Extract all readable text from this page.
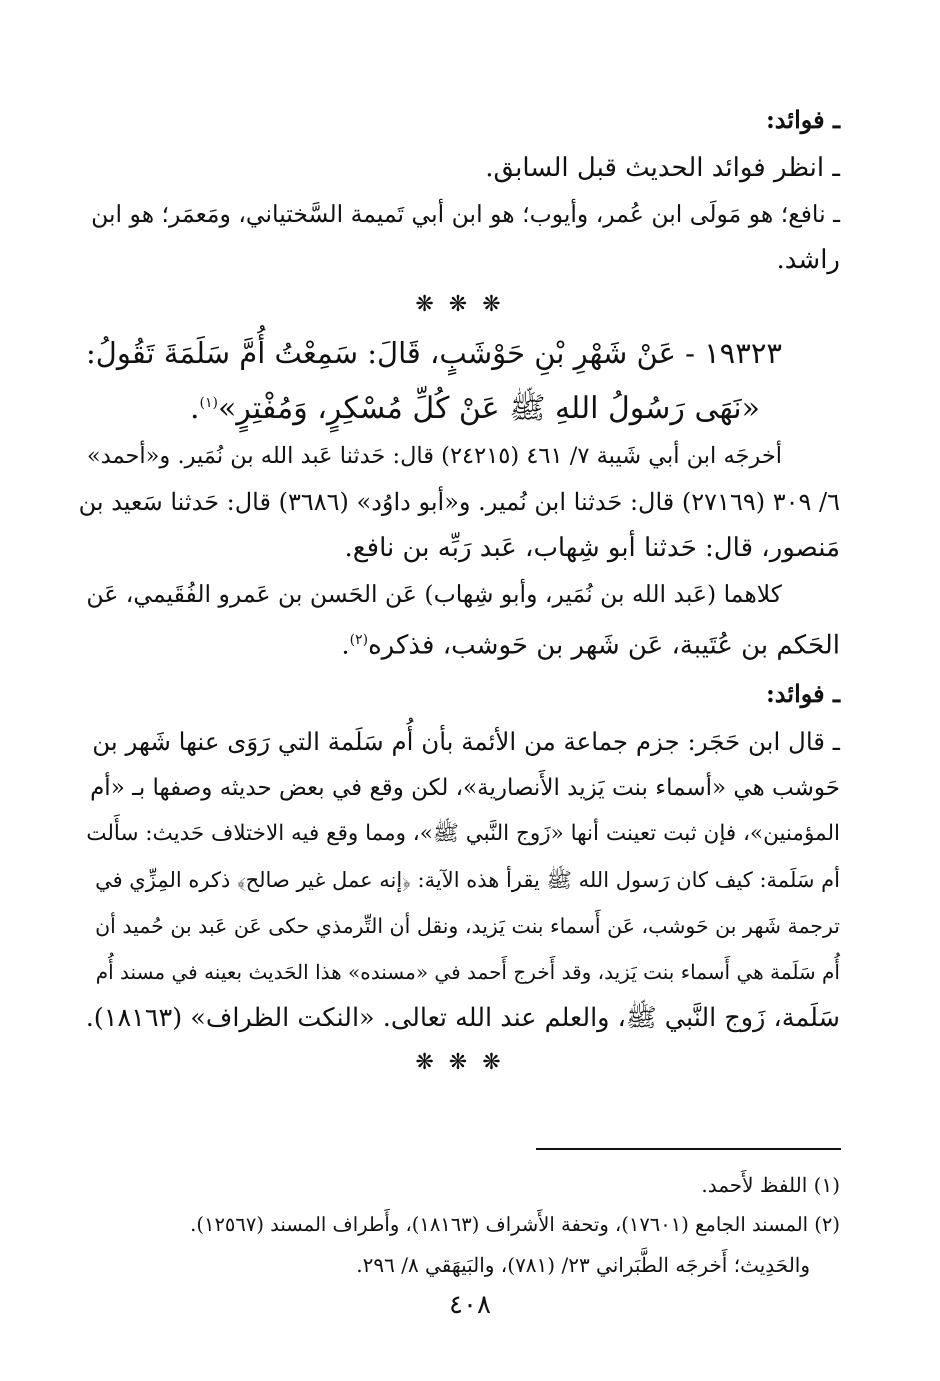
ـ فوائد:
ـ انظر فوائد الحديث قبل السابق.
ـ نافع؛ هو مَولَى ابن عُمر، وأيوب؛ هو ابن أبي تَميمة السَّختياني، ومَعمَر؛ هو ابن
راشد.
❋ ❋ ❋
١٩٣٢٣ - عَنْ شَهْرِ بْنِ حَوْشَبٍ، قَالَ: سَمِعْتُ أُمَّ سَلَمَةَ تَقُولُ:
«نَهَى رَسُولُ اللهِ ﷺ عَنْ كُلِّ مُسْكِرٍ، وَمُفْتِرٍ»$^{(١)}$.
أخرجَه ابن أبي شَيبة ٧/ ٤٦١ (٢٤٢١٥) قال: حَدثنا عَبد الله بن نُمَير. و«أحمد»
٦/ ٣٠٩ (٢٧١٦٩) قال: حَدثنا ابن نُمير. و«أبو داوُد» (٣٦٨٦) قال: حَدثنا سَعيد بن
مَنصور، قال: حَدثنا أبو شِهاب، عَبد رَبِّه بن نافع.
كلاهما (عَبد الله بن نُمَير، وأبو شِهاب) عَن الحَسن بن عَمرو الفُقَيمي، عَن
الحَكم بن عُتَيبة، عَن شَهر بن حَوشب، فذكره$^{(٢)}$.
ـ فوائد:
ـ قال ابن حَجَر: جزم جماعة من الأئمة بأن أُم سَلَمة التي رَوَى عنها شَهر بن
حَوشب هي «أسماء بنت يَزيد الأَنصارية»، لكن وقع في بعض حديثه وصفها بـ «أم
المؤمنين»، فإن ثبت تعينت أنها «زَوج النَّبي ﷺ»، ومما وقع فيه الاختلاف حَديث: سأَلت
أم سَلَمة: كيف كان رَسول الله ﷺ يقرأ هذه الآية: ﴿إنه عمل غير صالح﴾ ذكره المِزِّي في
ترجمة شَهر بن حَوشب، عَن أَسماء بنت يَزيد، ونقل أن التِّرمذي حكى عَن عَبد بن حُميد أن
أُم سَلَمة هي أَسماء بنت يَزيد، وقد أَخرج أَحمد في «مسنده» هذا الحَديث بعينه في مسند أُم
سَلَمة، زَوج النَّبي ﷺ، والعلم عند الله تعالى. «النكت الظراف» (١٨١٦٣).
❋ ❋ ❋
(١) اللفظ لأَحمد.
(٢) المسند الجامع (١٧٦٠١)، وتحفة الأَشراف (١٨١٦٣)، وأَطراف المسند (١٢٥٦٧).
والحَدِيث؛ أَخرجَه الطَّبَراني ٢٣/ (٧٨١)، والبَيهَقي ٨/ ٢٩٦.
٤٠٨
